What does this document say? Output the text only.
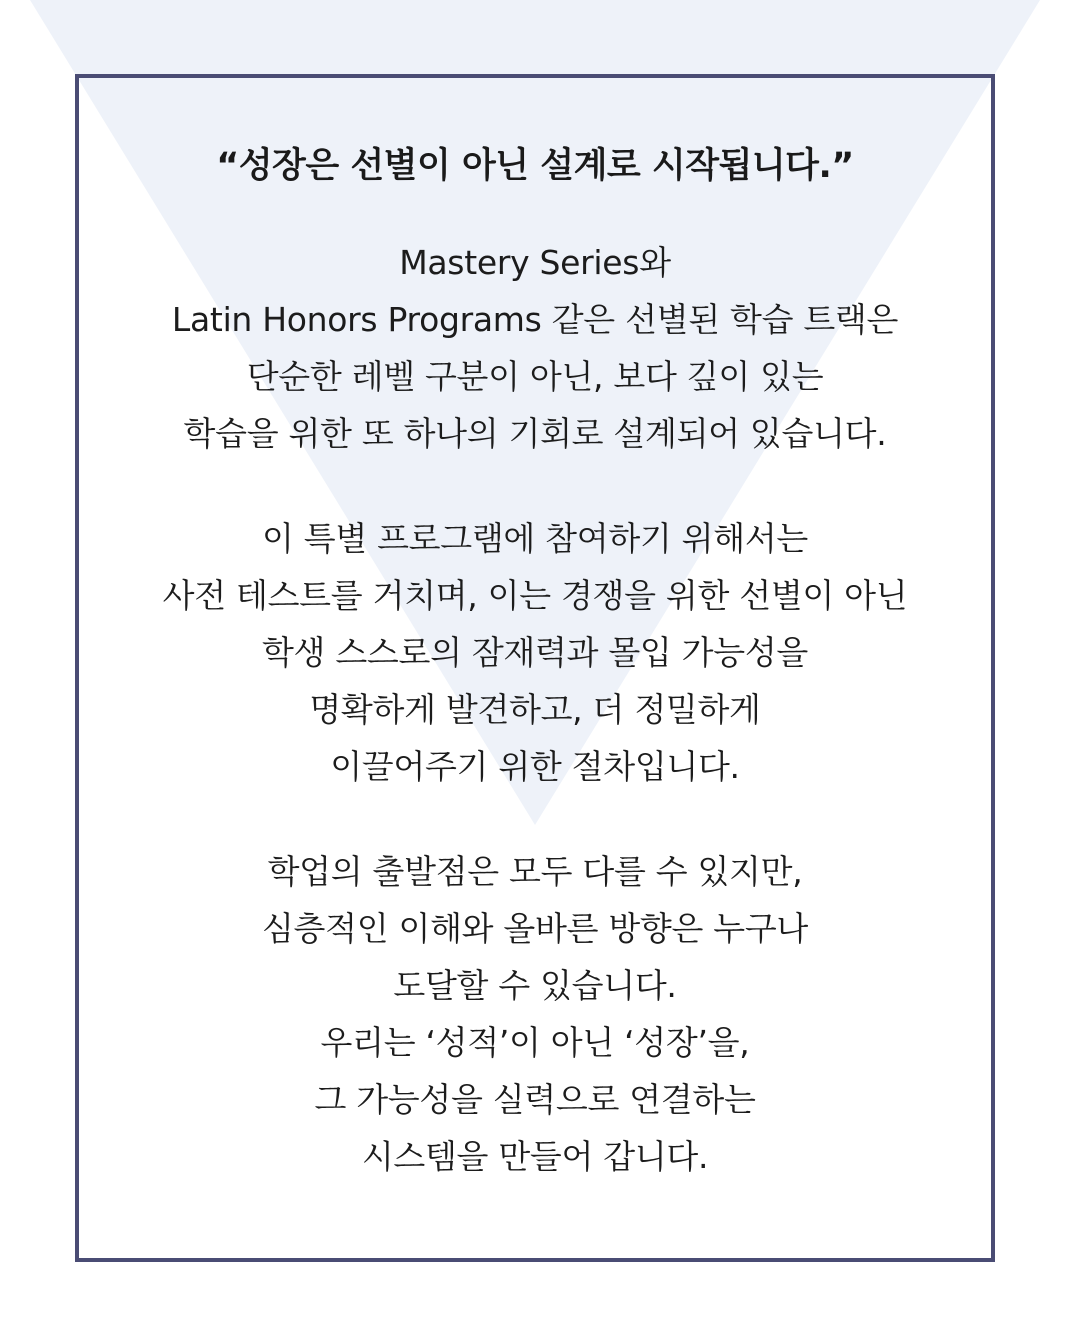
“성장은 선별이 아닌 설계로 시작됩니다.”

Mastery Series와
Latin Honors Programs 같은 선별된 학습 트랙은
단순한 레벨 구분이 아닌, 보다 깊이 있는
학습을 위한 또 하나의 기회로 설계되어 있습니다.

이 특별 프로그램에 참여하기 위해서는
사전 테스트를 거치며, 이는 경쟁을 위한 선별이 아닌
학생 스스로의 잠재력과 몰입 가능성을
명확하게 발견하고, 더 정밀하게
이끌어주기 위한 절차입니다.

학업의 출발점은 모두 다를 수 있지만,
심층적인 이해와 올바른 방향은 누구나
도달할 수 있습니다.
우리는 ‘성적’이 아닌 ‘성장’을,
그 가능성을 실력으로 연결하는
시스템을 만들어 갑니다.
